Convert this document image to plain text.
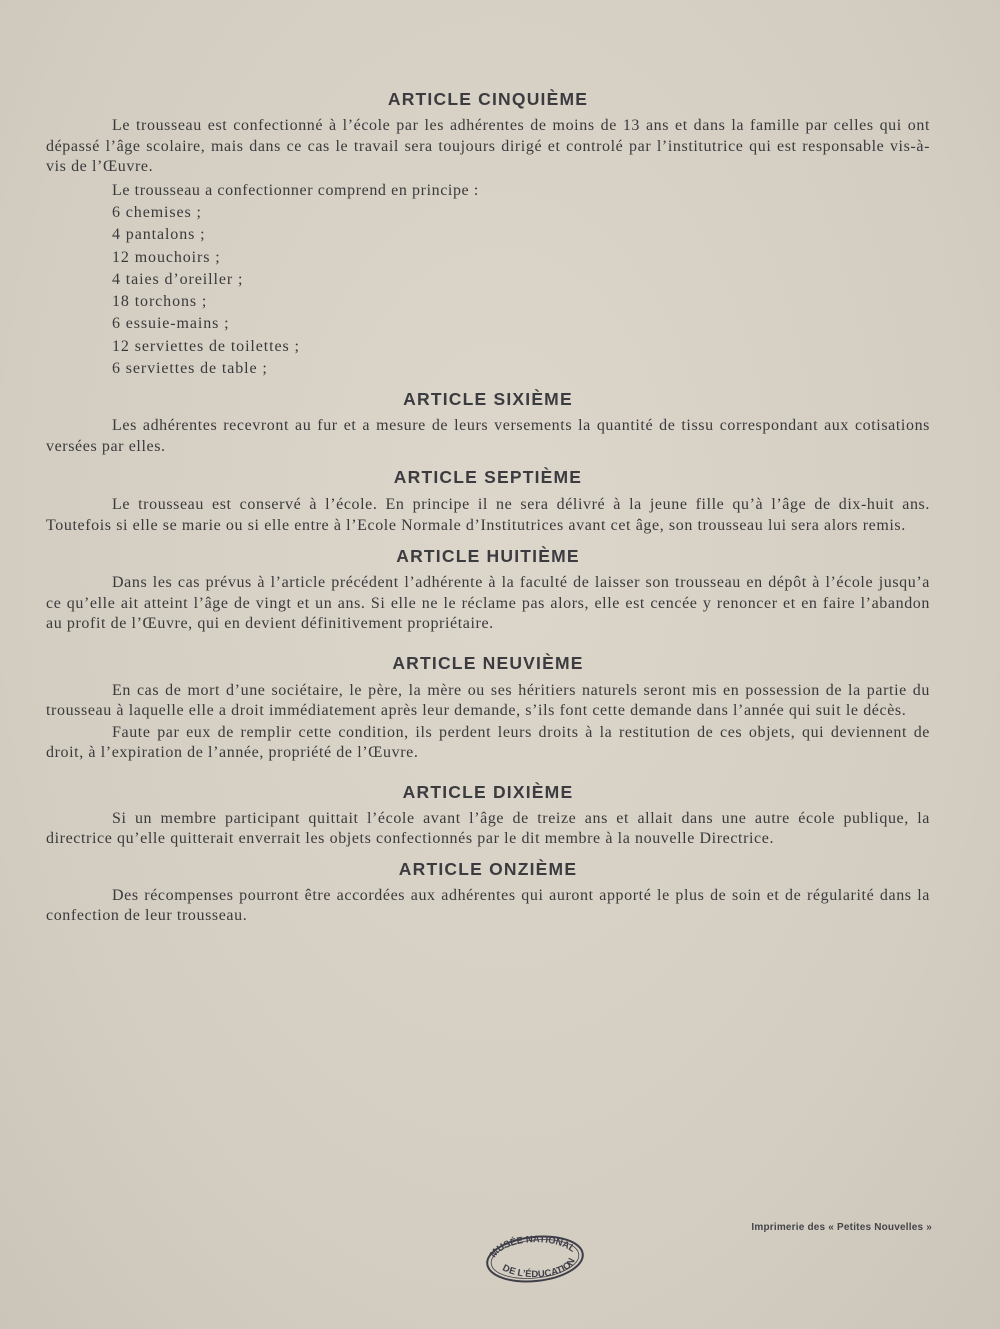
ARTICLE CINQUIÈME

Le trousseau est confectionné à l’école par les adhérentes de moins de 13 ans et dans la famille par celles qui ont dépassé l’âge scolaire, mais dans ce cas le travail sera toujours dirigé et controlé par l’institutrice qui est responsable vis-à-vis de l’Œuvre.

Le trousseau a confectionner comprend en principe :

6 chemises ;
4 pantalons ;
12 mouchoirs ;
4 taies d’oreiller ;
18 torchons ;
6 essuie-mains ;
12 serviettes de toilettes ;
6 serviettes de table ;
ARTICLE SIXIÈME

Les adhérentes recevront au fur et a mesure de leurs versements la quantité de tissu correspondant aux cotisations versées par elles.

ARTICLE SEPTIÈME

Le trousseau est conservé à l’école. En principe il ne sera délivré à la jeune fille qu’à l’âge de dix-huit ans. Toutefois si elle se marie ou si elle entre à l’Ecole Normale d’Institutrices avant cet âge, son trousseau lui sera alors remis.

ARTICLE HUITIÈME

Dans les cas prévus à l’article précédent l’adhérente à la faculté de laisser son trousseau en dépôt à l’école jusqu’a ce qu’elle ait atteint l’âge de vingt et un ans. Si elle ne le réclame pas alors, elle est cencée y renoncer et en faire l’abandon au profit de l’Œuvre, qui en devient définitivement propriétaire.

ARTICLE NEUVIÈME

En cas de mort d’une sociétaire, le père, la mère ou ses héritiers naturels seront mis en possession de la partie du trousseau à laquelle elle a droit immédiatement après leur demande, s’ils font cette demande dans l’année qui suit le décès.

Faute par eux de remplir cette condition, ils perdent leurs droits à la restitution de ces objets, qui deviennent de droit, à l’expiration de l’année, propriété de l’Œuvre.

ARTICLE DIXIÈME

Si un membre participant quittait l’école avant l’âge de treize ans et allait dans une autre école publique, la directrice qu’elle quitterait enverrait les objets confectionnés par le dit membre à la nouvelle Directrice.

ARTICLE ONZIÈME

Des récompenses pourront être accordées aux adhérentes qui auront apporté le plus de soin et de régularité dans la confection de leur trousseau.

Imprimerie des « Petites Nouvelles »
MUSÉE NATIONAL
DE L’ÉDUCATION
